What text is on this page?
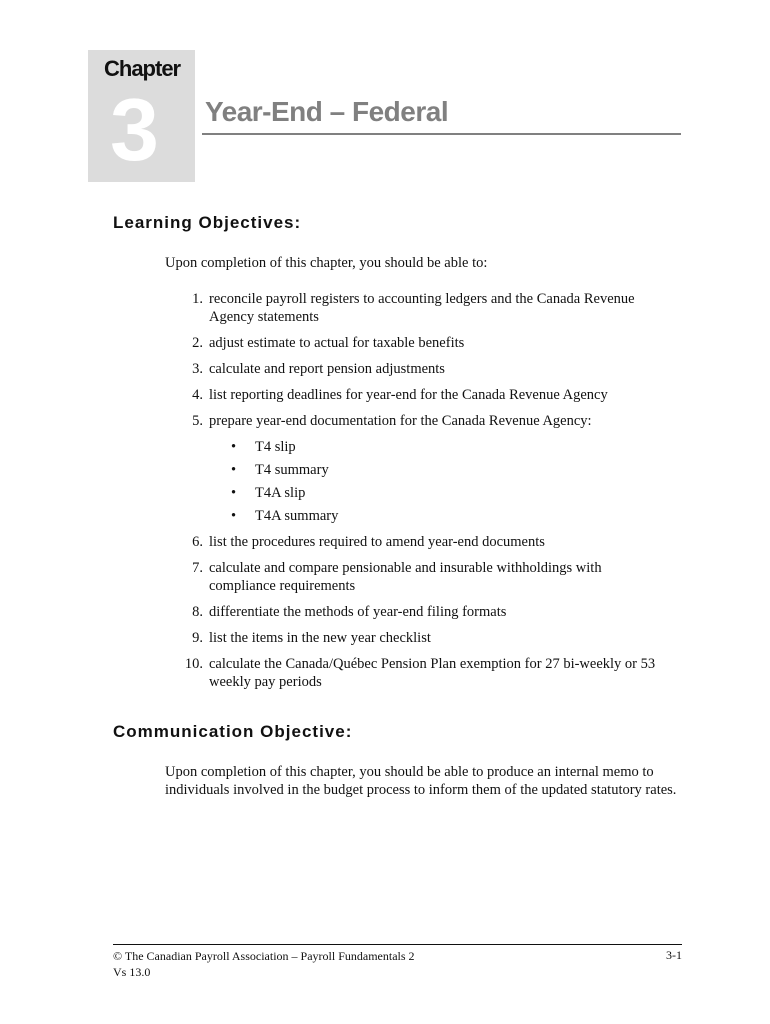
Chapter
3 Year-End – Federal
Learning Objectives:
Upon completion of this chapter, you should be able to:
1. reconcile payroll registers to accounting ledgers and the Canada Revenue Agency statements
2. adjust estimate to actual for taxable benefits
3. calculate and report pension adjustments
4. list reporting deadlines for year-end for the Canada Revenue Agency
5. prepare year-end documentation for the Canada Revenue Agency:
• T4 slip
• T4 summary
• T4A slip
• T4A summary
6. list the procedures required to amend year-end documents
7. calculate and compare pensionable and insurable withholdings with compliance requirements
8. differentiate the methods of year-end filing formats
9. list the items in the new year checklist
10. calculate the Canada/Québec Pension Plan exemption for 27 bi-weekly or 53 weekly pay periods
Communication Objective:
Upon completion of this chapter, you should be able to produce an internal memo to individuals involved in the budget process to inform them of the updated statutory rates.
© The Canadian Payroll Association – Payroll Fundamentals 2
Vs 13.0
3-1
